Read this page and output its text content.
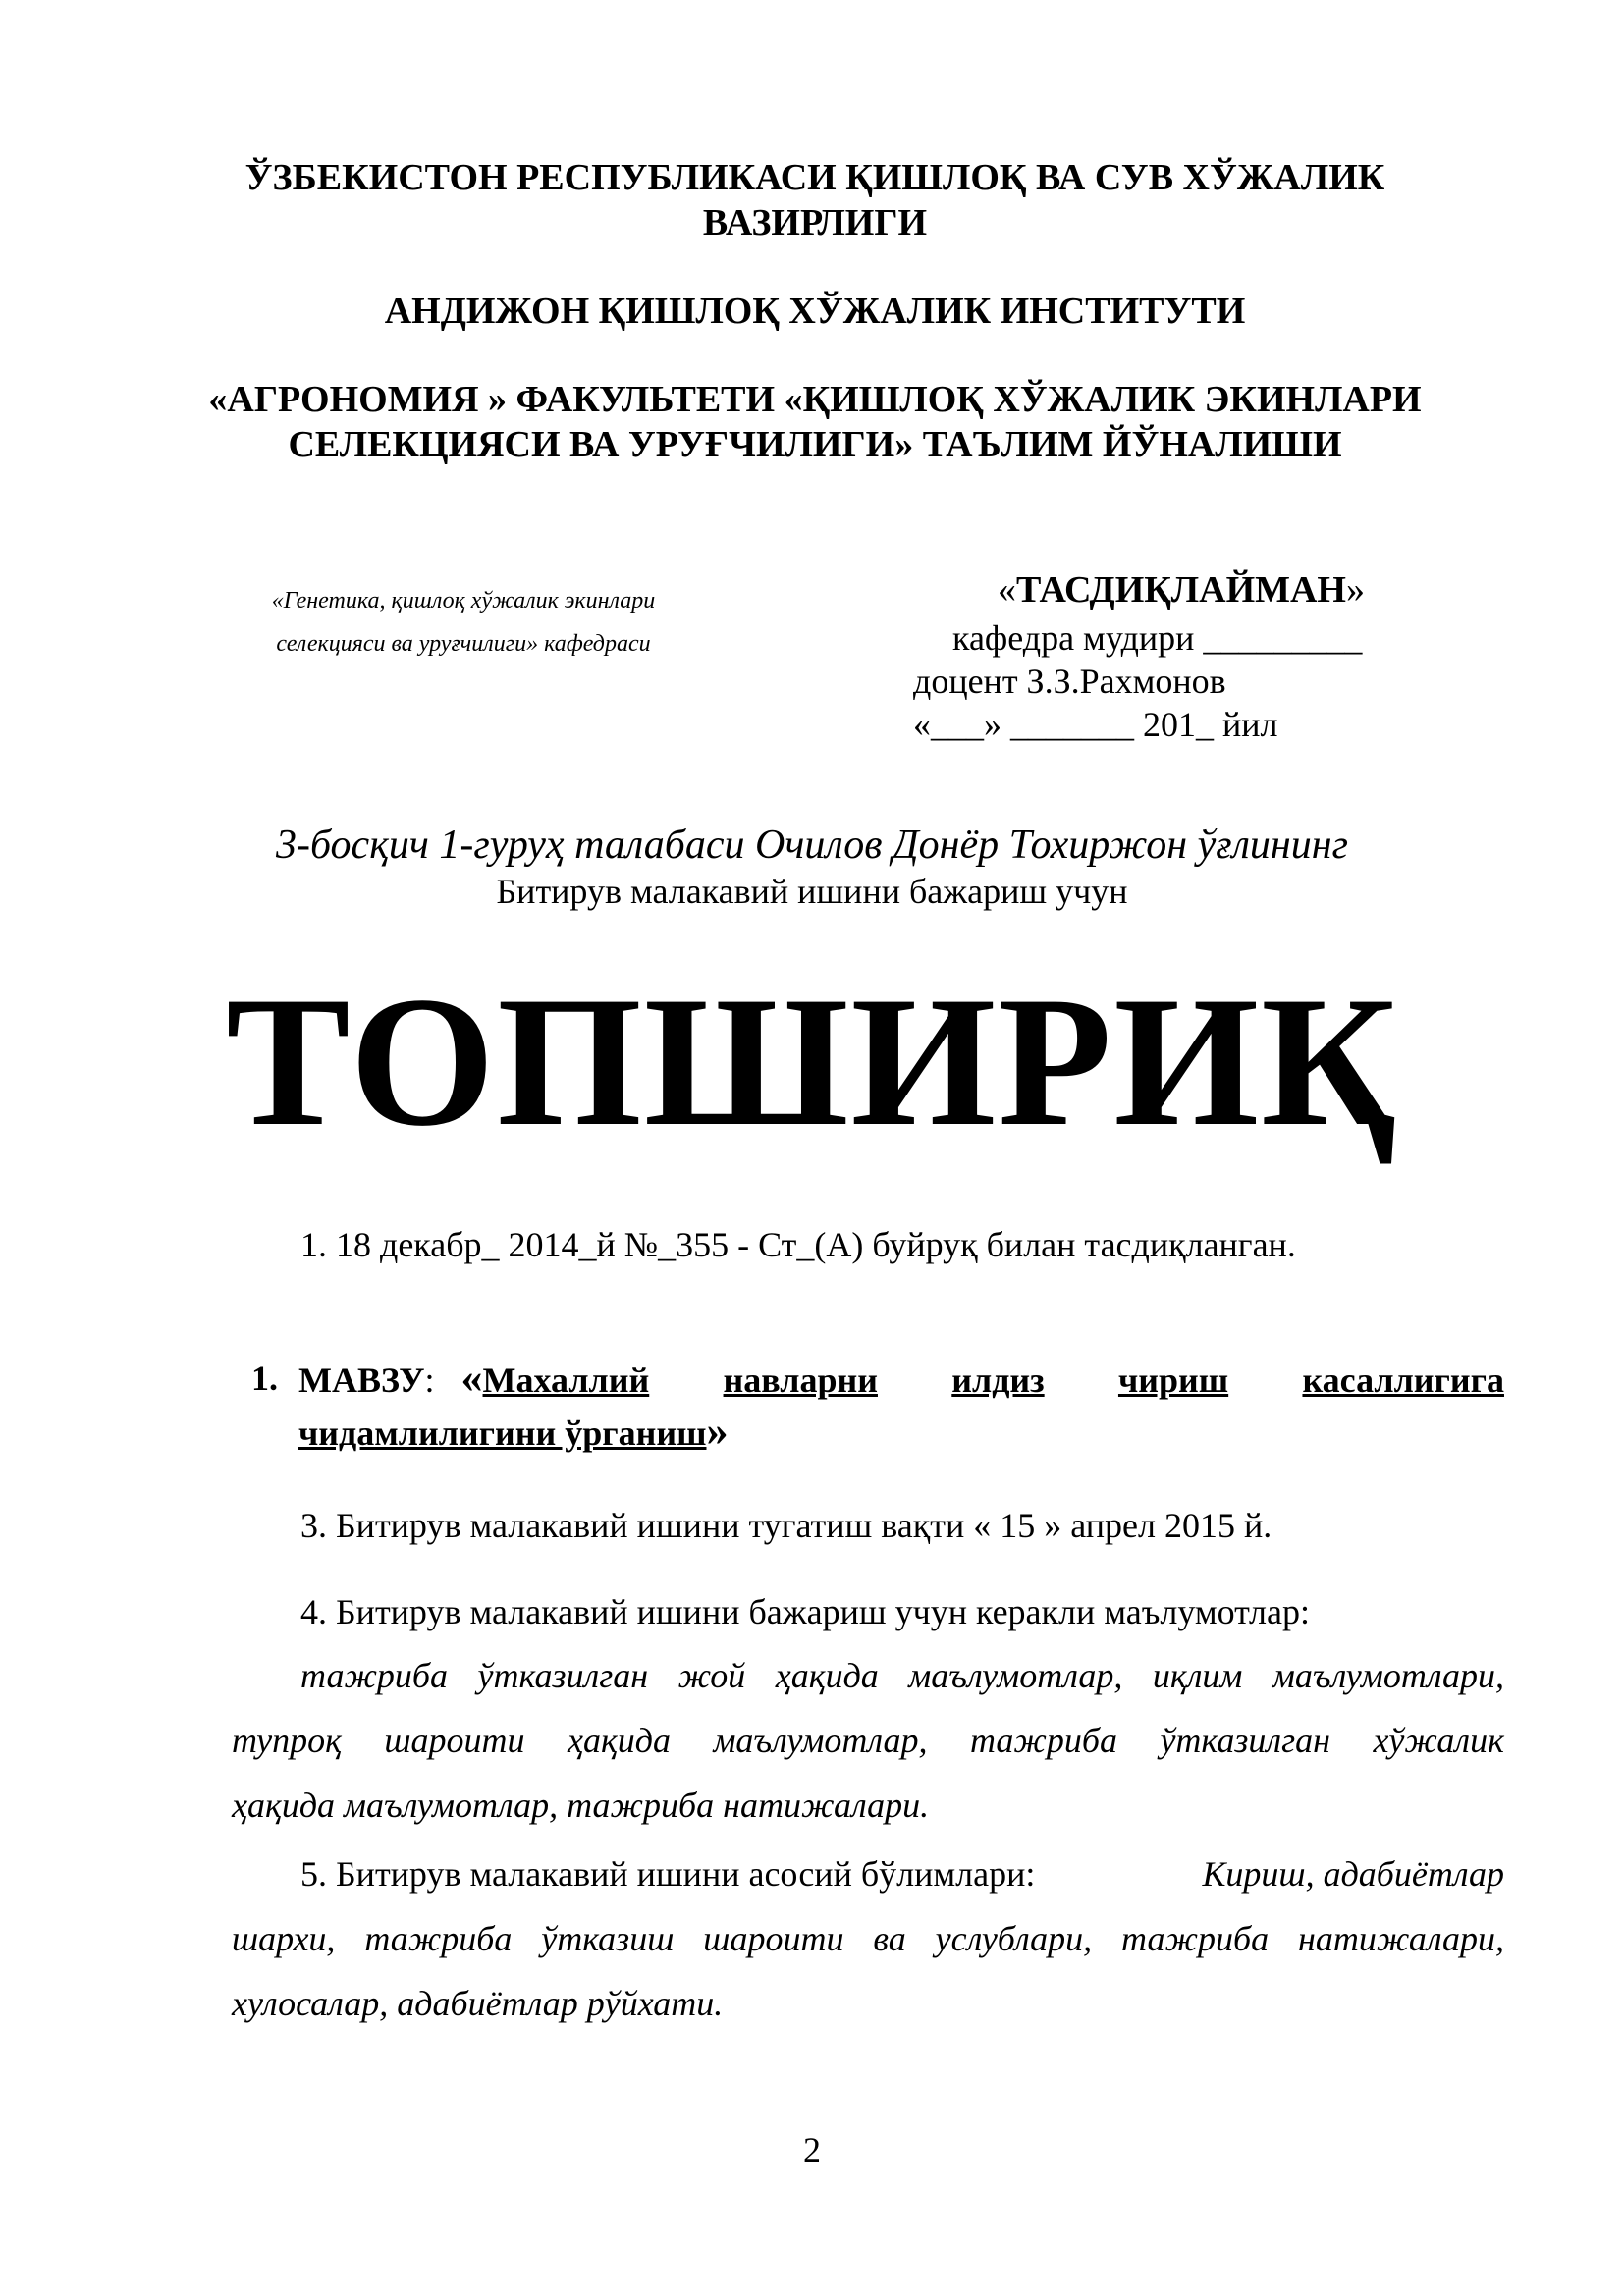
ЎЗБЕКИСТОН РЕСПУБЛИКАСИ ҚИШЛОҚ ВА СУВ ХЎЖАЛИК
ВАЗИРЛИГИ
АНДИЖОН ҚИШЛОҚ ХЎЖАЛИК ИНСТИТУТИ
«АГРОНОМИЯ » ФАКУЛЬТЕТИ «ҚИШЛОҚ ХЎЖАЛИК ЭКИНЛАРИ
СЕЛЕКЦИЯСИ ВА УРУҒЧИЛИГИ» ТАЪЛИМ ЙЎНАЛИШИ
«Генетика, қишлоқ хўжалик экинлари
селекцияси ва уруғчилиги» кафедраси
«ТАСДИҚЛАЙМАН»
кафедра мудири _________
доцент З.З.Рахмонов
«___» _______ 201_ йил
3-босқич 1-гуруҳ талабаси Очилов Донёр Тохиржон ўғлининг
Битирув малакавий ишини бажариш учун
ТОПШИРИҚ
1. 18 декабр_ 2014_й №_355 - Ст_(А) буйруқ билан тасдиқланган.
1. МАВЗУ: «Махаллий навларни илдиз чириш касаллигига
чидамлилигини ўрганиш»
3. Битирув малакавий ишини тугатиш вақти « 15 » апрел 2015 й.
4. Битирув малакавий ишини бажариш учун керакли маълумотлар:
тажриба ўтказилган жой ҳақида маълумотлар, иқлим маълумотлари,
тупроқ шароити ҳақида маълумотлар, тажриба ўтказилган хўжалик
ҳақида маълумотлар, тажриба натижалари.
5. Битирув малакавий ишини асосий бўлимлари:	Кириш, адабиётлар
шархи, тажриба ўтказиш шароити ва услублари, тажриба натижалари,
хулосалар, адабиётлар рўйхати.
2
